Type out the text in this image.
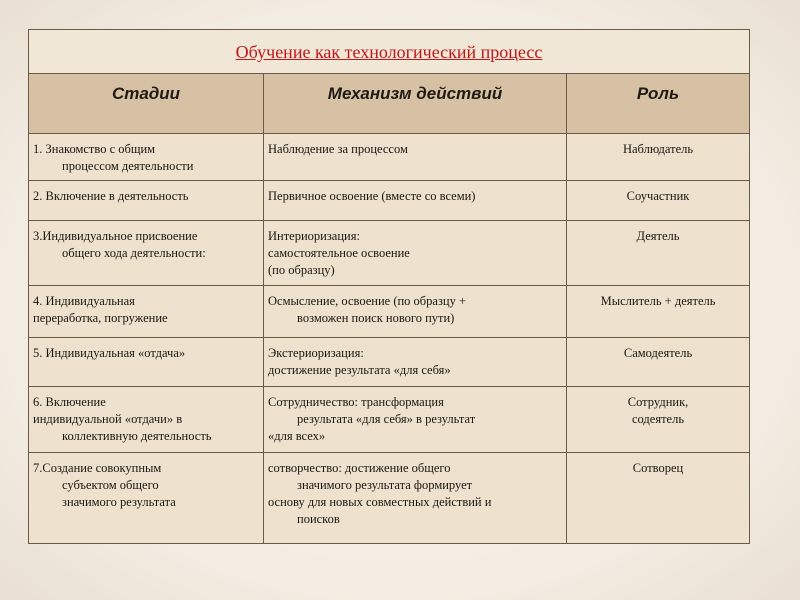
Обучение как технологический процесс		
Стадии	Механизм действий	Роль

1. Знакомство с общим
процессом деятельности	Наблюдение за процессом	Наблюдатель

2. Включение в деятельность	Первичное освоение (вместе со всеми)	Соучастник

3.Индивидуальное присвоение
общего хода деятельности:	Интериоризация:
самостоятельное освоение
(по образцу)	Деятель

4. Индивидуальная
переработка, погружение	Осмысление, освоение (по образцу +
возможен поиск нового пути)	Мыслитель + деятель

5. Индивидуальная «отдача»	Экстериоризация:
достижение результата «для себя»	Самодеятель

6. Включение
индивидуальной «отдачи» в
коллективную деятельность	Сотрудничество: трансформация
результата «для себя» в результат
«для всех»	Сотрудник,
содеятель

7.Создание совокупным
субъектом общего
значимого результата	сотворчество: достижение общего
значимого результата формирует
основу для новых совместных действий и
поисков	Сотворец
